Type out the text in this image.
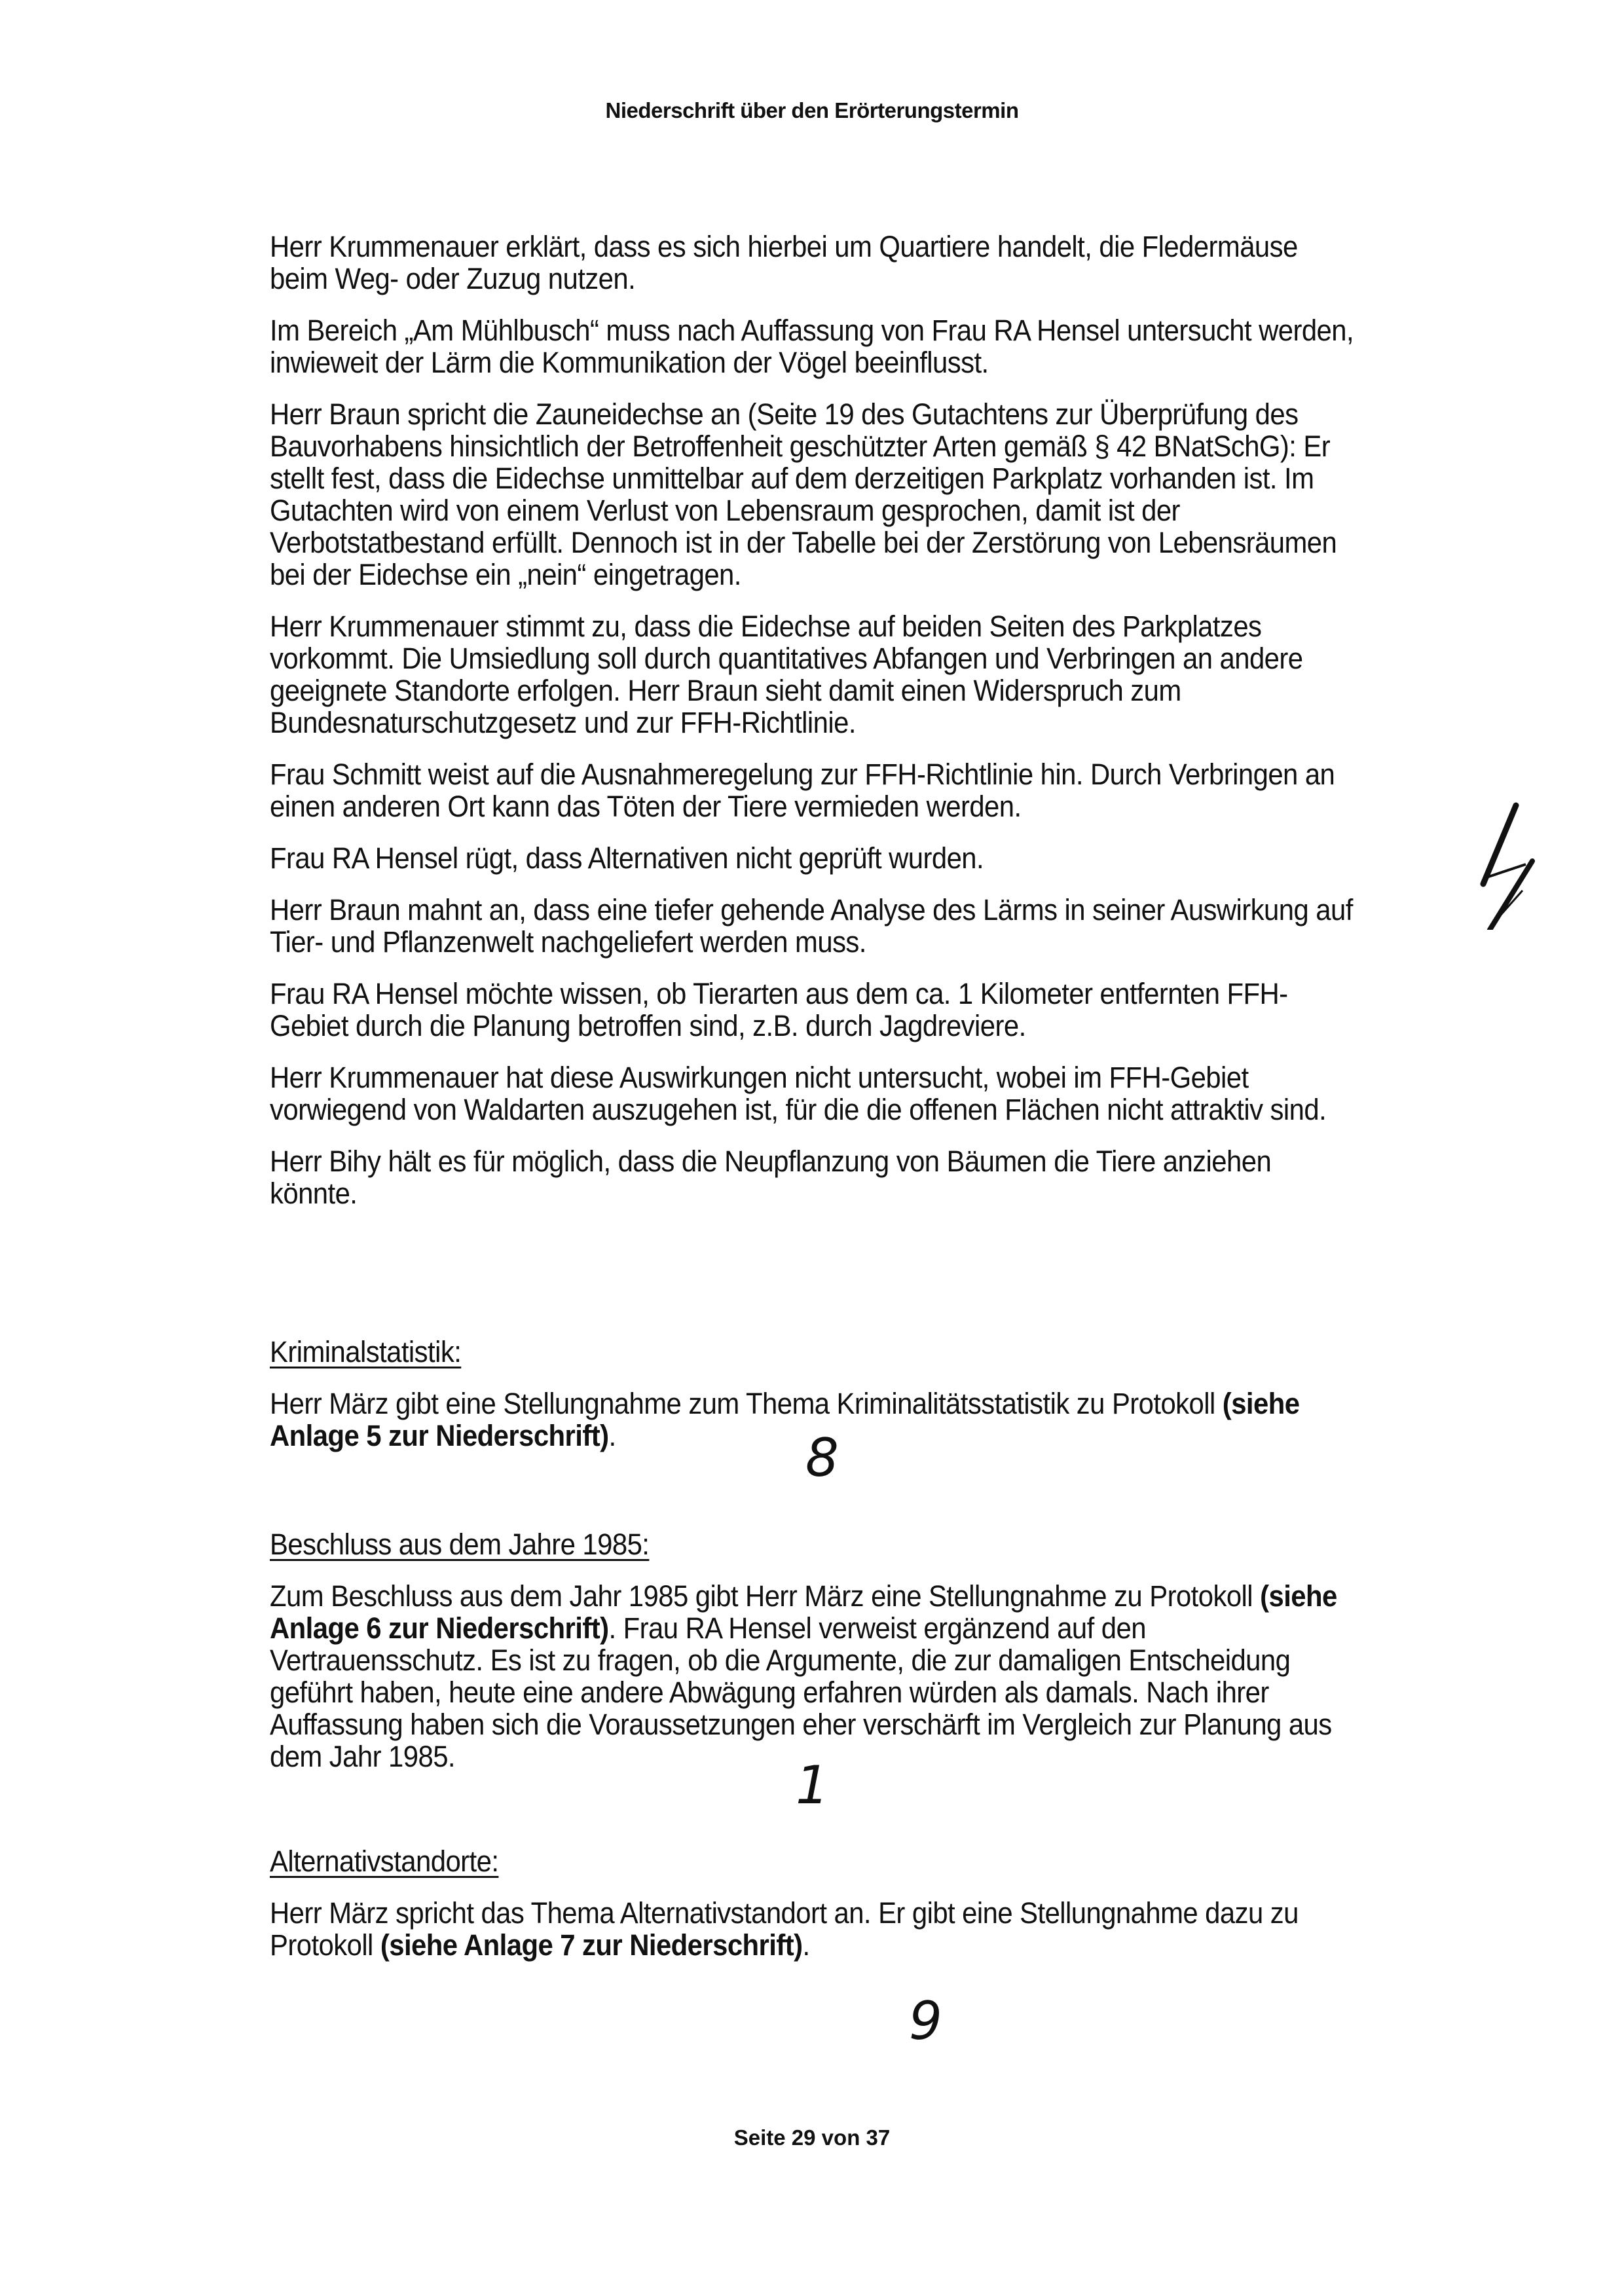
Niederschrift über den Erörterungstermin

Herr Krummenauer erklärt, dass es sich hierbei um Quartiere handelt, die Fledermäuse beim Weg- oder Zuzug nutzen.

Im Bereich „Am Mühlbusch“ muss nach Auffassung von Frau RA Hensel untersucht werden, inwieweit der Lärm die Kommunikation der Vögel beeinflusst.

Herr Braun spricht die Zauneidechse an (Seite 19 des Gutachtens zur Überprüfung des Bauvorhabens hinsichtlich der Betroffenheit geschützter Arten gemäß § 42 BNatSchG): Er stellt fest, dass die Eidechse unmittelbar auf dem derzeitigen Parkplatz vorhanden ist. Im Gutachten wird von einem Verlust von Lebensraum gesprochen, damit ist der Verbotstatbestand erfüllt. Dennoch ist in der Tabelle bei der Zerstörung von Lebensräumen bei der Eidechse ein „nein“ eingetragen.

Herr Krummenauer stimmt zu, dass die Eidechse auf beiden Seiten des Parkplatzes vorkommt. Die Umsiedlung soll durch quantitatives Abfangen und Verbringen an andere geeignete Standorte erfolgen. Herr Braun sieht damit einen Widerspruch zum Bundesnaturschutzgesetz und zur FFH-Richtlinie.

Frau Schmitt weist auf die Ausnahmeregelung zur FFH-Richtlinie hin. Durch Verbringen an einen anderen Ort kann das Töten der Tiere vermieden werden.

Frau RA Hensel rügt, dass Alternativen nicht geprüft wurden.

Herr Braun mahnt an, dass eine tiefer gehende Analyse des Lärms in seiner Auswirkung auf Tier- und Pflanzenwelt nachgeliefert werden muss.

Frau RA Hensel möchte wissen, ob Tierarten aus dem ca. 1 Kilometer entfernten FFH-Gebiet durch die Planung betroffen sind, z.B. durch Jagdreviere.

Herr Krummenauer hat diese Auswirkungen nicht untersucht, wobei im FFH-Gebiet vorwiegend von Waldarten auszugehen ist, für die die offenen Flächen nicht attraktiv sind.

Herr Bihy hält es für möglich, dass die Neupflanzung von Bäumen die Tiere anziehen könnte.

Kriminalstatistik:

Herr März gibt eine Stellungnahme zum Thema Kriminalitätsstatistik zu Protokoll (siehe Anlage 5 zur Niederschrift).	8

Beschluss aus dem Jahre 1985:

Zum Beschluss aus dem Jahr 1985 gibt Herr März eine Stellungnahme zu Protokoll (siehe Anlage 6 zur Niederschrift). Frau RA Hensel verweist ergänzend auf den Vertrauensschutz. Es ist zu fragen, ob die Argumente, die zur damaligen Entscheidung geführt haben, heute eine andere Abwägung erfahren würden als damals. Nach ihrer Auffassung haben sich die Voraussetzungen eher verschärft im Vergleich zur Planung aus dem Jahr 1985.	1

Alternativstandorte:

Herr März spricht das Thema Alternativstandort an. Er gibt eine Stellungnahme dazu zu Protokoll (siehe Anlage 7 zur Niederschrift).

9
Seite 29 von 37
